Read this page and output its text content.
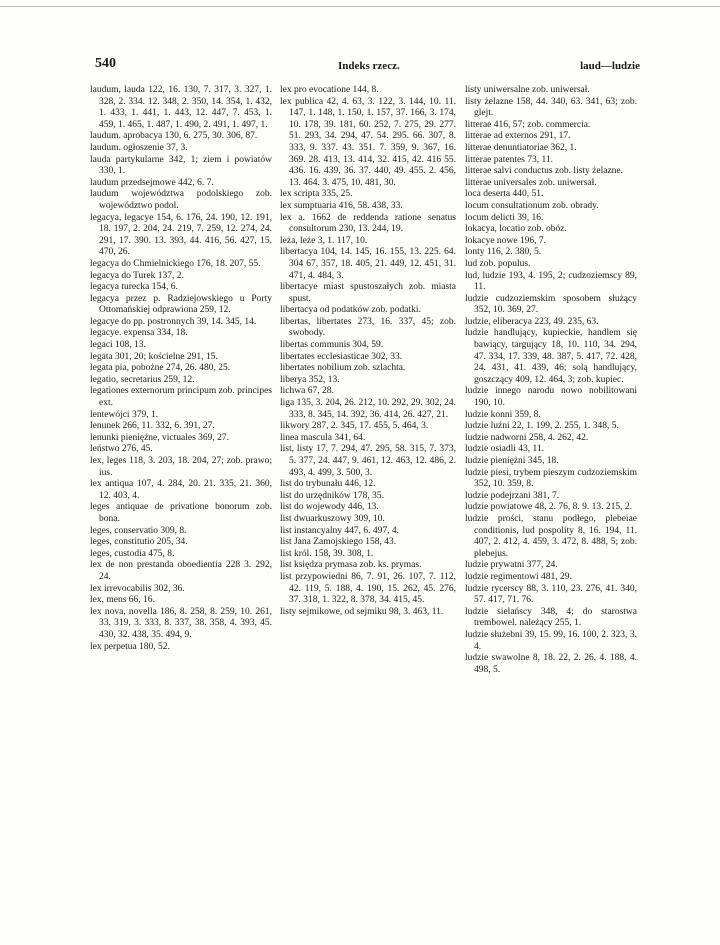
540	Indeks rzecz.	laud—ludzie

laudum, lauda 122, 16. 130, 7. 317, 3. 327, 1. 328, 2. 334. 12. 348, 2. 350, 14. 354, 1. 432, 1. 433, 1. 441, 1. 443, 12. 447, 7. 453, 1. 459, 1. 465, 1. 487, 1. 490, 2. 491, 1. 497, 1.

laudum. aprobacya 130, 6. 275, 30. 306, 87.

laudum. ogłoszenie 37, 3.

lauda partykularne 342, 1; ziem i powiatów 330, 1.

laudum przedsejmowe 442, 6. 7.

laudum województwa podolskiego zob. województwo podol.

legacya, legacye 154, 6. 176, 24. 190, 12. 191, 18. 197, 2. 204, 24. 219, 7. 259, 12. 274, 24. 291, 17. 390. 13. 393, 44. 416, 56. 427, 15. 470, 26.

legacya do Chmielnickiego 176, 18. 207, 55.

legacya do Turek 137, 2.

legacya turecka 154, 6.

legacya przez p. Radziejowskiego u Porty Ottomańskiej odprawiona 259, 12.

legacye do pp. postronnych 39, 14. 345, 14.

legacye. expensa 334, 18.

legaci 108, 13.

legata 301, 20; kościelne 291, 15.

legata pia, pobożne 274, 26. 480, 25.

legatio, secretarius 259, 12.

legationes externorum principum zob. principes ext.

lentewójci 379, 1.

lenunek 266, 11. 332, 6. 391, 27.

lenunki pieniężne, victuales 369, 27.

leństwo 276, 45.

lex, leges 118, 3. 203, 18. 204, 27; zob. prawo; ius.

lex antiqua 107, 4. 284, 20. 21. 335, 21. 360, 12. 403, 4.

leges antiquae de privatione bonorum zob. bona.

leges, conservatio 309, 8.

leges, constitutio 205, 34.

leges, custodia 475, 8.

lex de non prestanda oboedientia 228 3. 292, 24.

lex irrevocabilis 302, 36.

lex, mens 66, 16.

lex nova, novella 186, 8. 258, 8. 259, 10. 261, 33. 319, 3. 333, 8. 337, 38. 358, 4. 393, 45. 430, 32. 438, 35. 494, 9.

lex perpetua 180, 52.

lex pro evocatione 144, 8.

lex publica 42, 4. 63, 3. 122, 3. 144, 10. 11. 147, 1. 148, 1. 150, 1. 157, 37. 166, 3. 174, 10. 178, 39. 181, 60. 252, 7. 275, 29. 277. 51. 293, 34. 294, 47. 54. 295. 66. 307, 8. 333, 9. 337. 43. 351. 7. 359, 9. 367, 16. 369. 28. 413, 13. 414, 32. 415, 42. 416 55. 436. 16. 439, 36. 37. 440, 49. 455. 2. 456, 13. 464. 3. 475, 10. 481, 30.

lex scripta 335, 25.

lex sumptuaria 416, 58. 438, 33.

lex a. 1662 de reddenda ratione senatus consultorum 230, 13. 244, 19.

leża, leże 3, 1. 117, 10.

libertacya 104, 14. 145, 16. 155, 13. 225. 64. 304 67, 357, 18. 405, 21. 449, 12. 451, 31. 471, 4. 484, 3.

libertacye miast spustoszałych zob. miasta spust.

libertacya od podatków zob. podatki.

libertas, libertates 273, 16. 337, 45; zob. swobody.

libertas communis 304, 59.

libertates ecclesiasticae 302, 33.

libertates nobilium zob. szlachta.

liberya 352, 13.

lichwa 67, 28.

liga 135, 3. 204, 26. 212, 10. 292, 29. 302, 24. 333, 8. 345, 14. 392, 36. 414, 26. 427, 21.

likwory 287, 2. 345, 17. 455, 5. 464, 3.

linea mascula 341, 64.

list, listy 17, 7. 294, 47. 295, 58. 315, 7. 373, 5. 377, 24. 447, 9. 461, 12. 463, 12. 486, 2. 493, 4. 499, 3. 500, 3.

list do trybunału 446, 12.

list do urzędników 178, 35.

list do wojewody 446, 13.

list dwuarkuszowy 309, 10.

list instancyalny 447, 6. 497, 4.

list Jana Zamojskiego 158, 43.

list król. 158, 39. 308, 1.

list księdza prymasa zob. ks. prymas.

list przypowiedni 86, 7. 91, 26. 107, 7. 112, 42. 119, 5. 188, 4. 190, 15. 262, 45. 276, 37. 318, 1. 322, 8. 378, 34. 415, 45.

listy sejmikowe, od sejmiku 98, 3. 463, 11.

listy uniwersalne zob. uniwersał.

listy żelazne 158, 44. 340, 63. 341, 63; zob. glejt.

litterae 416, 57; zob. commercia.

litterae ad externos 291, 17.

litterae denuntiatoriae 362, 1.

litterae patentes 73, 11.

litterae salvi conductus zob. listy żelazne.

litterae universales zob. uniwersał.

loca deserta 440, 51.

locum consultationum zob. obrady.

locum delicti 39, 16.

lokacya, locatio zob. obóz.

lokacye nowe 196, 7.

lonty 116, 2. 380, 5.

lud zob. populus.

lud, ludzie 193, 4. 195, 2; cudzoziemscy 89, 11.

ludzie cudzoziemskim sposobem służący 352, 10. 369, 27.

ludzie, eliberacya 223, 49. 235, 63.

ludzie handlujący, kupieckie, handlem się bawiący, targujący 18, 10. 110, 34. 294, 47. 334, 17. 339, 48. 387, 5. 417, 72. 428, 24. 431, 41. 439, 46; solą handlujący, goszczący 409, 12. 464, 3; zob. kupiec.

ludzie innego narodu nowo nobilitowani 190, 10.

ludzie konni 359, 8.

ludzie luźni 22, 1. 199, 2. 255, 1. 348, 5.

ludzie nadworni 258, 4. 262, 42.

ludzie osiadli 43, 11.

ludzie pieniężni 345, 18.

ludzie piesi, trybem pieszym cudzoziemskim 352, 10. 359, 8.

ludzie podejrzani 381, 7.

ludzie powiatowe 48, 2. 76, 8. 9. 13. 215, 2.

ludzie prości, stanu podłego, plebeiae conditionis, lud pospolity 8, 16. 194, 11. 407, 2. 412, 4. 459, 3. 472, 8. 488, 5; zob. plebejus.

ludzie prywatni 377, 24.

ludzie regimentowi 481, 29.

ludzie rycerscy 88, 3. 110, 23. 276, 41. 340, 57. 417, 71. 76.

ludzie sielańscy 348, 4; do starostwa trembowel. należący 255, 1.

ludzie służebni 39, 15. 99, 16. 100, 2. 323, 3. 4.

ludzie swawolne 8, 18. 22, 2. 26, 4. 188, 4. 498, 5.
